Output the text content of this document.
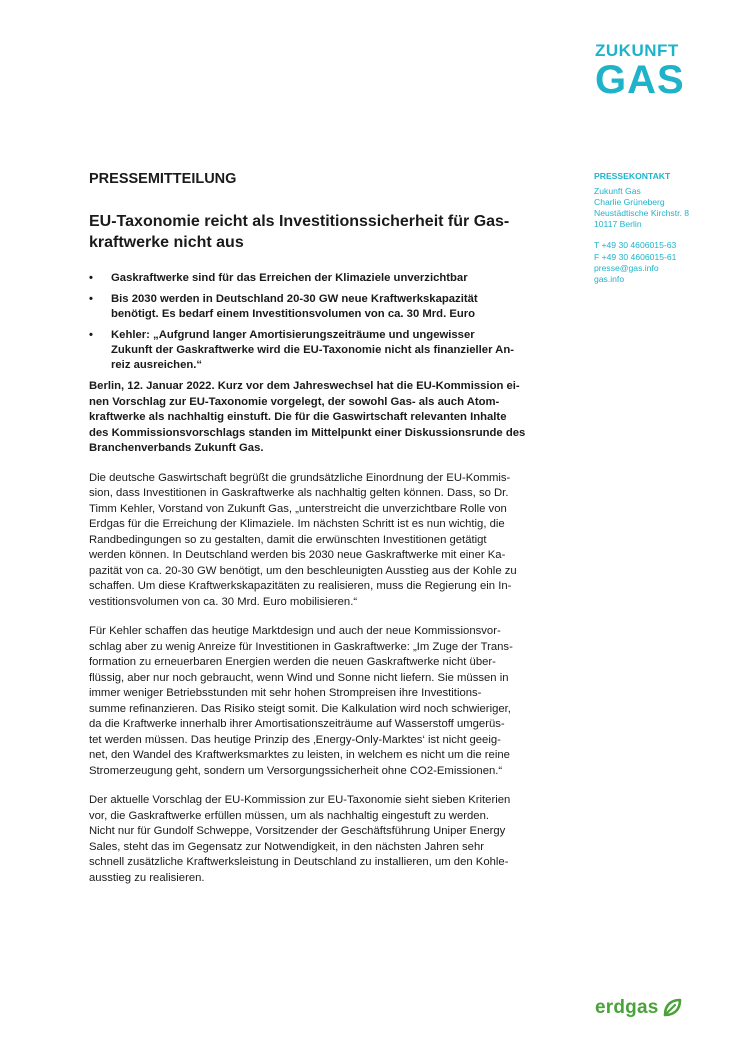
ZUKUNFT
GAS
PRESSEKONTAKT
Zukunft Gas
Charlie Grüneberg
Neustädtische Kirchstr. 8
10117 Berlin
T +49 30 4606015-63
F +49 30 4606015-61
presse@gas.info
gas.info
PRESSEMITTEILUNG
EU-Taxonomie reicht als Investitionssicherheit für Gas-
kraftwerke nicht aus
• Gaskraftwerke sind für das Erreichen der Klimaziele unverzichtbar
• Bis 2030 werden in Deutschland 20-30 GW neue Kraftwerkskapazität
benötigt. Es bedarf einem Investitionsvolumen von ca. 30 Mrd. Euro
• Kehler: „Aufgrund langer Amortisierungszeiträume und ungewisser
Zukunft der Gaskraftwerke wird die EU-Taxonomie nicht als finanzieller An-
reiz ausreichen.“

Berlin, 12. Januar 2022. Kurz vor dem Jahreswechsel hat die EU-Kommission ei-
nen Vorschlag zur EU-Taxonomie vorgelegt, der sowohl Gas- als auch Atom-
kraftwerke als nachhaltig einstuft. Die für die Gaswirtschaft relevanten Inhalte
des Kommissionsvorschlags standen im Mittelpunkt einer Diskussionsrunde des
Branchenverbands Zukunft Gas.

Die deutsche Gaswirtschaft begrüßt die grundsätzliche Einordnung der EU-Kommis-
sion, dass Investitionen in Gaskraftwerke als nachhaltig gelten können. Dass, so Dr.
Timm Kehler, Vorstand von Zukunft Gas, „unterstreicht die unverzichtbare Rolle von
Erdgas für die Erreichung der Klimaziele. Im nächsten Schritt ist es nun wichtig, die
Randbedingungen so zu gestalten, damit die erwünschten Investitionen getätigt
werden können. In Deutschland werden bis 2030 neue Gaskraftwerke mit einer Ka-
pazität von ca. 20-30 GW benötigt, um den beschleunigten Ausstieg aus der Kohle zu
schaffen. Um diese Kraftwerkskapazitäten zu realisieren, muss die Regierung ein In-
vestitionsvolumen von ca. 30 Mrd. Euro mobilisieren.“

Für Kehler schaffen das heutige Marktdesign und auch der neue Kommissionsvor-
schlag aber zu wenig Anreize für Investitionen in Gaskraftwerke: „Im Zuge der Trans-
formation zu erneuerbaren Energien werden die neuen Gaskraftwerke nicht über-
flüssig, aber nur noch gebraucht, wenn Wind und Sonne nicht liefern. Sie müssen in
immer weniger Betriebsstunden mit sehr hohen Strompreisen ihre Investitions-
summe refinanzieren. Das Risiko steigt somit. Die Kalkulation wird noch schwieriger,
da die Kraftwerke innerhalb ihrer Amortisationszeiträume auf Wasserstoff umgerüs-
tet werden müssen. Das heutige Prinzip des ‚Energy-Only-Marktes‘ ist nicht geeig-
net, den Wandel des Kraftwerksmarktes zu leisten, in welchem es nicht um die reine
Stromerzeugung geht, sondern um Versorgungssicherheit ohne CO2-Emissionen.“

Der aktuelle Vorschlag der EU-Kommission zur EU-Taxonomie sieht sieben Kriterien
vor, die Gaskraftwerke erfüllen müssen, um als nachhaltig eingestuft zu werden.
Nicht nur für Gundolf Schweppe, Vorsitzender der Geschäftsführung Uniper Energy
Sales, steht das im Gegensatz zur Notwendigkeit, in den nächsten Jahren sehr
schnell zusätzliche Kraftwerksleistung in Deutschland zu installieren, um den Kohle-
ausstieg zu realisieren.

erdgas
